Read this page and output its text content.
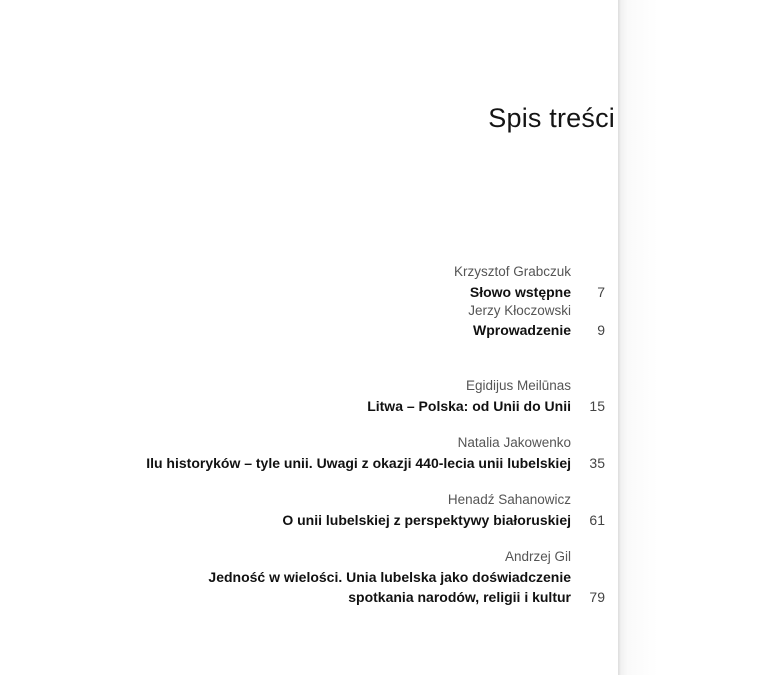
Spis treści
Krzysztof Grabczuk
Słowo wstępne	7
Jerzy Kłoczowski
Wprowadzenie	9
Egidijus Meilūnas
Litwa – Polska: od Unii do Unii	15
Natalia Jakowenko
Ilu historyków – tyle unii. Uwagi z okazji 440-lecia unii lubelskiej	35
Henadź Sahanowicz
O unii lubelskiej z perspektywy białoruskiej	61
Andrzej Gil
Jedność w wielości. Unia lubelska jako doświadczenie
spotkania narodów, religii i kultur	79
